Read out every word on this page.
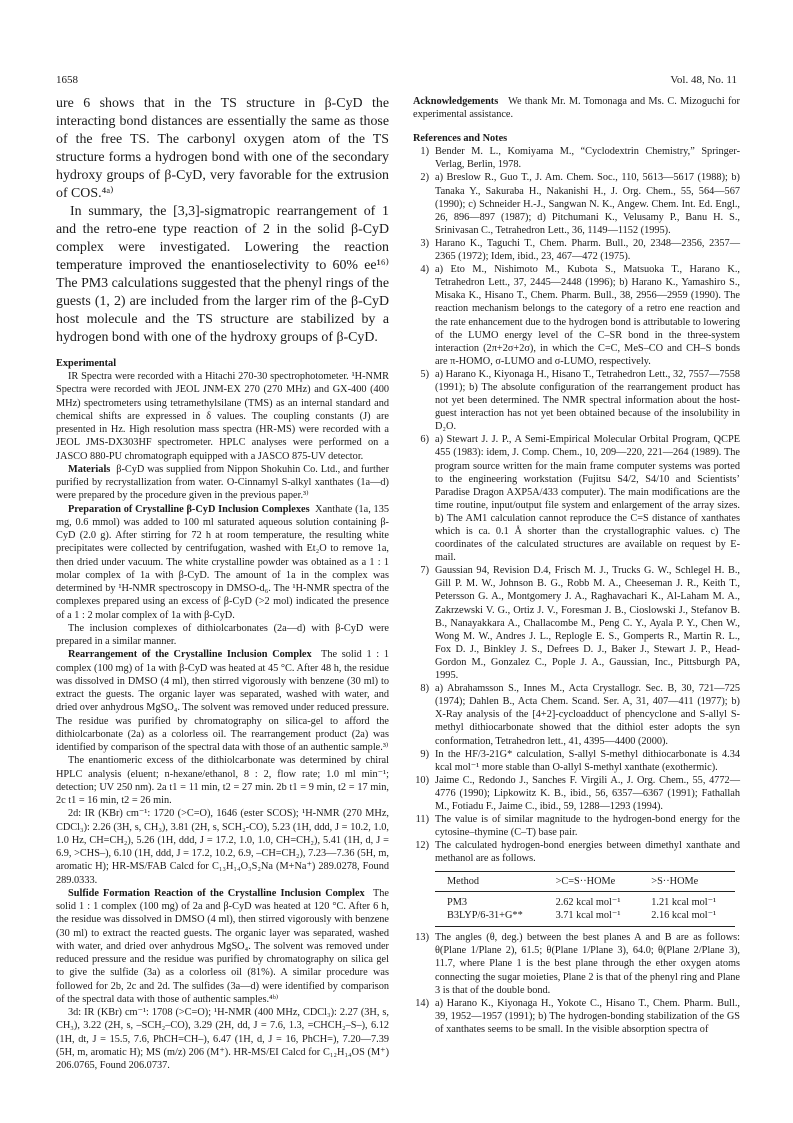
1658	Vol. 48, No. 11

ure 6 shows that in the TS structure in β-CyD the interacting bond distances are essentially the same as those of the free TS. The carbonyl oxygen atom of the TS structure forms a hydrogen bond with one of the secondary hydroxy groups of β-CyD, very favorable for the extrusion of COS.⁴ᵃ⁾

In summary, the [3,3]-sigmatropic rearrangement of 1 and the retro-ene type reaction of 2 in the solid β-CyD complex were investigated. Lowering the reaction temperature improved the enantioselectivity to 60% ee¹⁶⁾ The PM3 calculations suggested that the phenyl rings of the guests (1, 2) are included from the larger rim of the β-CyD host molecule and the TS structure are stabilized by a hydrogen bond with one of the hydroxy groups of β-CyD.

Experimental

IR Spectra were recorded with a Hitachi 270-30 spectrophotometer. ¹H-NMR Spectra were recorded with JEOL JNM-EX 270 (270 MHz) and GX-400 (400 MHz) spectrometers using tetramethylsilane (TMS) as an internal standard and chemical shifts are expressed in δ values. The coupling constants (J) are presented in Hz. High resolution mass spectra (HR-MS) were recorded with a JEOL JMS-DX303HF spectrometer. HPLC analyses were performed on a JASCO 880-PU chromatograph equipped with a JASCO 875-UV detector.

Materials β-CyD was supplied from Nippon Shokuhin Co. Ltd., and further purified by recrystallization from water. O-Cinnamyl S-alkyl xanthates (1a—d) were prepared by the procedure given in the previous paper.³⁾

Preparation of Crystalline β-CyD Inclusion Complexes Xanthate (1a, 135 mg, 0.6 mmol) was added to 100 ml saturated aqueous solution containing β-CyD (2.0 g). After stirring for 72 h at room temperature, the resulting white precipitates were collected by centrifugation, washed with Et₂O to remove 1a, then dried under vacuum. The white crystalline powder was obtained as a 1 : 1 molar complex of 1a with β-CyD. The amount of 1a in the complex was determined by ¹H-NMR spectroscopy in DMSO-d₆. The ¹H-NMR spectra of the complexes prepared using an excess of β-CyD (>2 mol) indicated the presence of a 1 : 2 molar complex of 1a with β-CyD.

The inclusion complexes of dithiolcarbonates (2a—d) with β-CyD were prepared in a similar manner.

Rearrangement of the Crystalline Inclusion Complex The solid 1 : 1 complex (100 mg) of 1a with β-CyD was heated at 45 °C. After 48 h, the residue was dissolved in DMSO (4 ml), then stirred vigorously with benzene (30 ml) to extract the guests. The organic layer was separated, washed with water, and dried over anhydrous MgSO₄. The solvent was removed under reduced pressure. The residue was purified by chromatography on silica-gel to afford the dithiolcarbonate (2a) as a colorless oil. The rearrangement product (2a) was identified by comparison of the spectral data with those of an authentic sample.³⁾

The enantiomeric excess of the dithiolcarbonate was determined by chiral HPLC analysis (eluent; n-hexane/ethanol, 8 : 2, flow rate; 1.0 ml min⁻¹; detection; UV 250 nm). 2a t1 = 11 min, t2 = 27 min. 2b t1 = 9 min, t2 = 17 min, 2c t1 = 16 min, t2 = 26 min.

2d: IR (KBr) cm⁻¹: 1720 (>C=O), 1646 (ester SCOS); ¹H-NMR (270 MHz, CDCl₃): 2.26 (3H, s, CH₃), 3.81 (2H, s, SCH₂-CO), 5.23 (1H, ddd, J = 10.2, 1.0, 1.0 Hz, CH=CH₂), 5.26 (1H, ddd, J = 17.2, 1.0, 1.0, CH=CH₂), 5.41 (1H, d, J = 6.9, >CHS–), 6.10 (1H, ddd, J = 17.2, 10.2, 6.9, –CH=CH₂), 7.23—7.36 (5H, m, aromatic H); HR-MS/FAB Calcd for C₁₃H₁₄O₃S₂Na (M+Na⁺) 289.0278, Found 289.0333.

Sulfide Formation Reaction of the Crystalline Inclusion Complex The solid 1 : 1 complex (100 mg) of 2a and β-CyD was heated at 120 °C. After 6 h, the residue was dissolved in DMSO (4 ml), then stirred vigorously with benzene (30 ml) to extract the reacted guests. The organic layer was separated, washed with water, and dried over anhydrous MgSO₄. The solvent was removed under reduced pressure and the residue was purified by chromatography on silica gel to give the sulfide (3a) as a colorless oil (81%). A similar procedure was followed for 2b, 2c and 2d. The sulfides (3a—d) were identified by comparison of the spectral data with those of authentic samples.⁴ᵇ⁾

3d: IR (KBr) cm⁻¹: 1708 (>C=O); ¹H-NMR (400 MHz, CDCl₃): 2.27 (3H, s, CH₃), 3.22 (2H, s, –SCH₂–CO), 3.29 (2H, dd, J = 7.6, 1.3, =CHCH₂–S–), 6.12 (1H, dt, J = 15.5, 7.6, PhCH=CH–), 6.47 (1H, d, J = 16, PhCH=), 7.20—7.39 (5H, m, aromatic H); MS (m/z) 206 (M⁺). HR-MS/EI Calcd for C₁₂H₁₄OS (M⁺) 206.0765, Found 206.0737.

Acknowledgements We thank Mr. M. Tomonaga and Ms. C. Mizoguchi for experimental assistance.

References and Notes

1) Bender M. L., Komiyama M., “Cyclodextrin Chemistry,” Springer-Verlag, Berlin, 1978.
2) a) Breslow R., Guo T., J. Am. Chem. Soc., 110, 5613—5617 (1988); b) Tanaka Y., Sakuraba H., Nakanishi H., J. Org. Chem., 55, 564—567 (1990); c) Schneider H.-J., Sangwan N. K., Angew. Chem. Int. Ed. Engl., 26, 896—897 (1987); d) Pitchumani K., Velusamy P., Banu H. S., Srinivasan C., Tetrahedron Lett., 36, 1149—1152 (1995).
3) Harano K., Taguchi T., Chem. Pharm. Bull., 20, 2348—2356, 2357—2365 (1972); Idem, ibid., 23, 467—472 (1975).
4) a) Eto M., Nishimoto M., Kubota S., Matsuoka T., Harano K., Tetrahedron Lett., 37, 2445—2448 (1996); b) Harano K., Yamashiro S., Misaka K., Hisano T., Chem. Pharm. Bull., 38, 2956—2959 (1990). The reaction mechanism belongs to the category of a retro ene reaction and the rate enhancement due to the hydrogen bond is attributable to lowering of the LUMO energy level of the C–SR bond in the three-system interaction (2π+2σ+2σ), in which the C=C, MeS–CO and CH–S bonds are π-HOMO, σ-LUMO and σ-LUMO, respectively.
5) a) Harano K., Kiyonaga H., Hisano T., Tetrahedron Lett., 32, 7557—7558 (1991); b) The absolute configuration of the rearrangement product has not yet been determined. The NMR spectral information about the host-guest interaction has not yet been obtained because of the insolubility in D₂O.
6) a) Stewart J. J. P., A Semi-Empirical Molecular Orbital Program, QCPE 455 (1983): idem, J. Comp. Chem., 10, 209—220, 221—264 (1989). The program source written for the main frame computer systems was ported to the engineering workstation (Fujitsu S4/2, S4/10 and Scientists’ Paradise Dragon AXP5A/433 computer). The main modifications are the time routine, input/output file system and enlargement of the array sizes. b) The AM1 calculation cannot reproduce the C=S distance of xanthates which is ca. 0.1 Å shorter than the crystallographic values. c) The coordinates of the calculated structures are available on request by E-mail.
7) Gaussian 94, Revision D.4, Frisch M. J., Trucks G. W., Schlegel H. B., Gill P. M. W., Johnson B. G., Robb M. A., Cheeseman J. R., Keith T., Petersson G. A., Montgomery J. A., Raghavachari K., Al-Laham M. A., Zakrzewski V. G., Ortiz J. V., Foresman J. B., Cioslowski J., Stefanov B. B., Nanayakkara A., Challacombe M., Peng C. Y., Ayala P. Y., Chen W., Wong M. W., Andres J. L., Replogle E. S., Gomperts R., Martin R. L., Fox D. J., Binkley J. S., Defrees D. J., Baker J., Stewart J. P., Head-Gordon M., Gonzalez C., Pople J. A., Gaussian, Inc., Pittsburgh PA, 1995.
8) a) Abrahamsson S., Innes M., Acta Crystallogr. Sec. B, 30, 721—725 (1974); Dahlen B., Acta Chem. Scand. Ser. A, 31, 407—411 (1977); b) X-Ray analysis of the [4+2]-cycloadduct of phencyclone and S-allyl S-methyl dithiocarbonate showed that the dithiol ester adopts the syn conformation, Tetrahedron lett., 41, 4395—4400 (2000).
9) In the HF/3-21G* calculation, S-allyl S-methyl dithiocarbonate is 4.34 kcal mol⁻¹ more stable than O-allyl S-methyl xanthate (exothermic).
10) Jaime C., Redondo J., Sanches F. Virgili A., J. Org. Chem., 55, 4772—4776 (1990); Lipkowitz K. B., ibid., 56, 6357—6367 (1991); Fathallah M., Fotiadu F., Jaime C., ibid., 59, 1288—1293 (1994).
11) The value is of similar magnitude to the hydrogen-bond energy for the cytosine–thymine (C–T) base pair.
12) The calculated hydrogen-bond energies between dimethyl xanthate and methanol are as follows.
Method	>C=S··HOMe	>S··HOMe
PM3	2.62 kcal mol⁻¹	1.21 kcal mol⁻¹
B3LYP/6-31+G**	3.71 kcal mol⁻¹	2.16 kcal mol⁻¹
13) The angles (θ, deg.) between the best planes A and B are as follows: θ(Plane 1/Plane 2), 61.5; θ(Plane 1/Plane 3), 64.0; θ(Plane 2/Plane 3), 11.7, where Plane 1 is the best plane through the ether oxygen atoms connecting the sugar moieties, Plane 2 is that of the phenyl ring and Plane 3 is that of the double bond.
14) a) Harano K., Kiyonaga H., Yokote C., Hisano T., Chem. Pharm. Bull., 39, 1952—1957 (1991); b) The hydrogen-bonding stabilization of the GS of xanthates seems to be small. In the visible absorption spectra of
